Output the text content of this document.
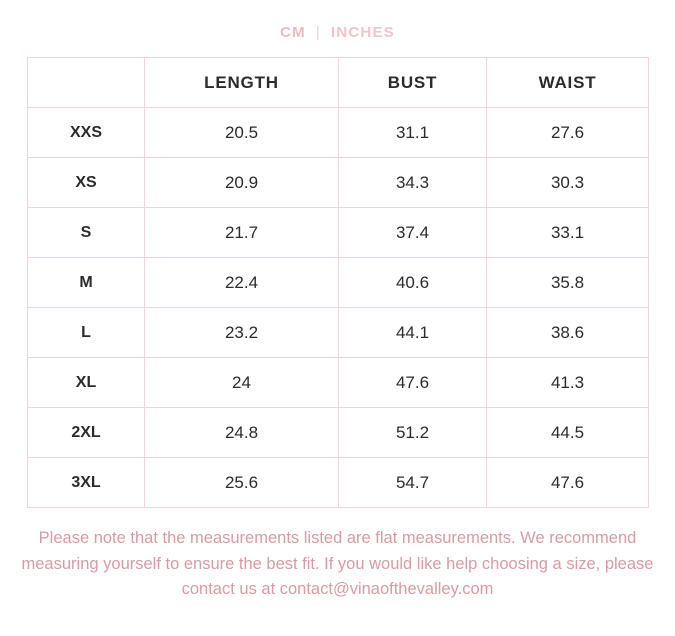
CM | INCHES
	LENGTH	BUST	WAIST
XXS	20.5	31.1	27.6
XS	20.9	34.3	30.3
S	21.7	37.4	33.1
M	22.4	40.6	35.8
L	23.2	44.1	38.6
XL	24	47.6	41.3
2XL	24.8	51.2	44.5
3XL	25.6	54.7	47.6
Please note that the measurements listed are flat measurements. We recommend measuring yourself to ensure the best fit. If you would like help choosing a size, please contact us at contact@vinaofthevalley.com
